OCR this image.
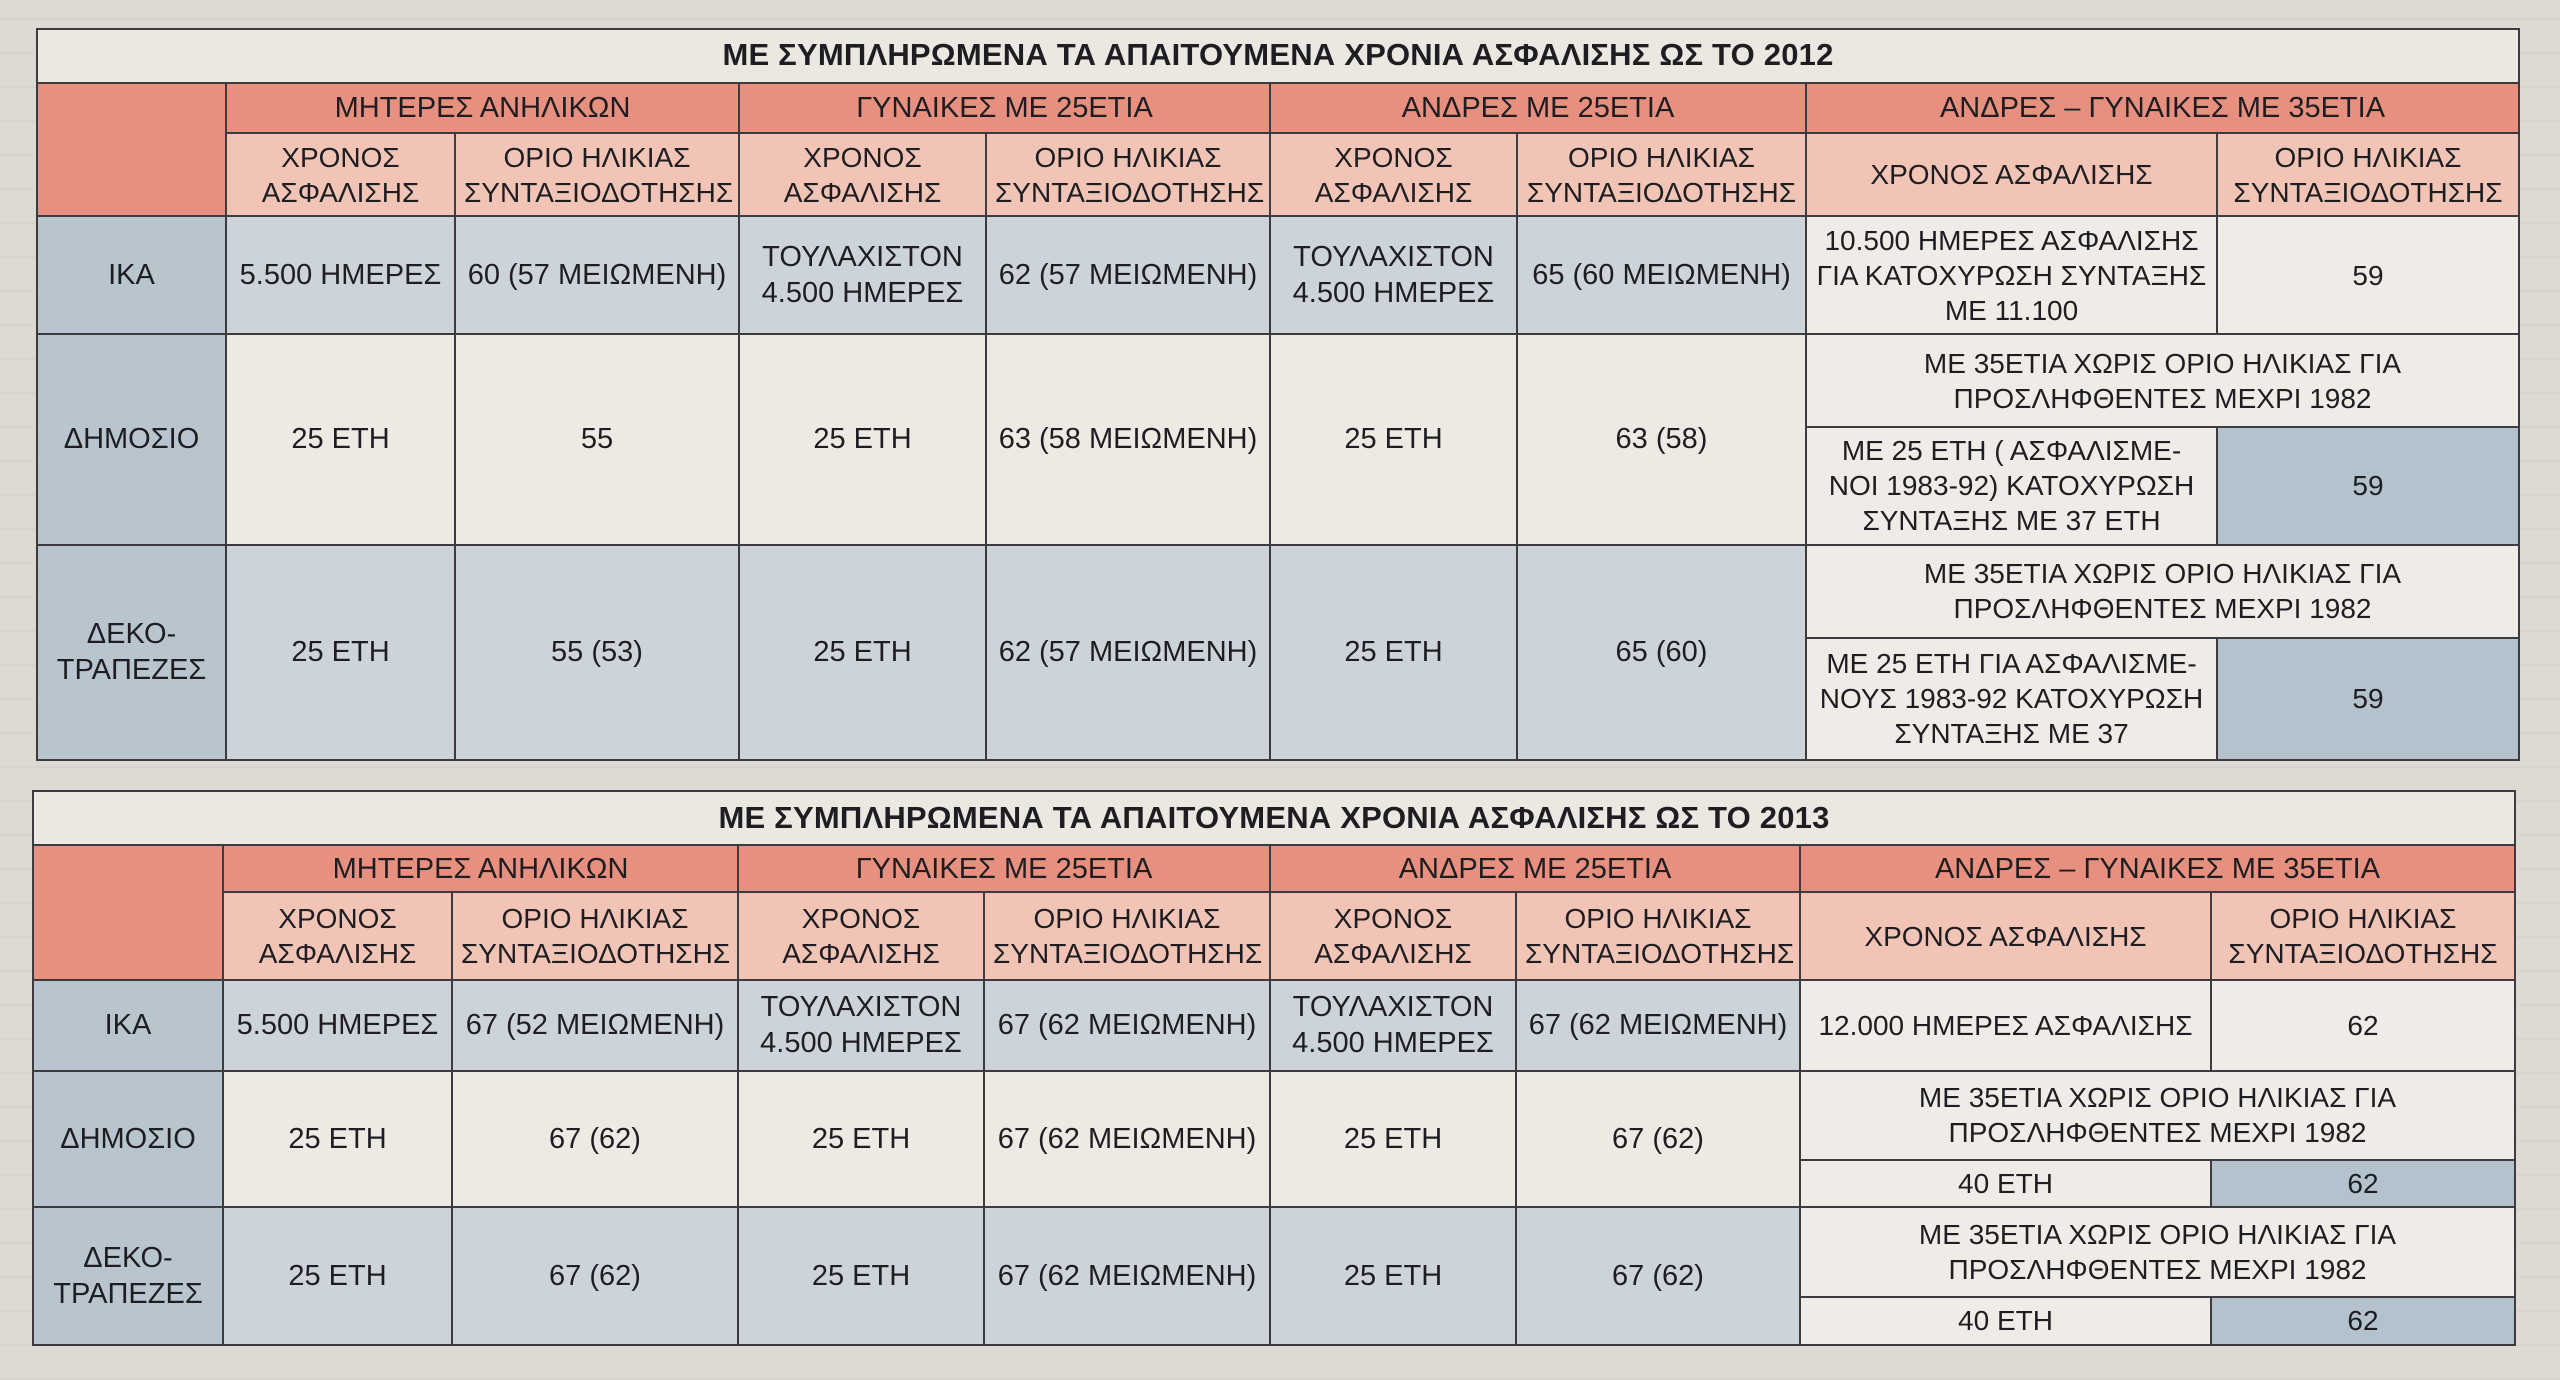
ΜΕ ΣΥΜΠΛΗΡΩΜΕΝΑ ΤΑ ΑΠΑΙΤΟΥΜΕΝΑ ΧΡΟΝΙΑ ΑΣΦΑΛΙΣΗΣ ΩΣ ΤΟ 2012								
	ΜΗΤΕΡΕΣ ΑΝΗΛΙΚΩΝ		ΓΥΝΑΙΚΕΣ ΜΕ 25ΕΤΙΑ		ΑΝΔΡΕΣ ΜΕ 25ΕΤΙΑ		ΑΝΔΡΕΣ – ΓΥΝΑΙΚΕΣ ΜΕ 35ΕΤΙΑ	
	ΧΡΟΝΟΣ ΑΣΦΑΛΙΣΗΣ	ΟΡΙΟ ΗΛΙΚΙΑΣ ΣΥΝΤΑΞΙΟΔΟΤΗΣΗΣ	ΧΡΟΝΟΣ ΑΣΦΑΛΙΣΗΣ	ΟΡΙΟ ΗΛΙΚΙΑΣ ΣΥΝΤΑΞΙΟΔΟΤΗΣΗΣ	ΧΡΟΝΟΣ ΑΣΦΑΛΙΣΗΣ	ΟΡΙΟ ΗΛΙΚΙΑΣ ΣΥΝΤΑΞΙΟΔΟΤΗΣΗΣ	ΧΡΟΝΟΣ ΑΣΦΑΛΙΣΗΣ	ΟΡΙΟ ΗΛΙΚΙΑΣ ΣΥΝΤΑΞΙΟΔΟΤΗΣΗΣ
ΙΚΑ	5.500 ΗΜΕΡΕΣ	60 (57 ΜΕΙΩΜΕΝΗ)	ΤΟΥΛΑΧΙΣΤΟΝ 4.500 ΗΜΕΡΕΣ	62 (57 ΜΕΙΩΜΕΝΗ)	ΤΟΥΛΑΧΙΣΤΟΝ 4.500 ΗΜΕΡΕΣ	65 (60 ΜΕΙΩΜΕΝΗ)	10.500 ΗΜΕΡΕΣ ΑΣΦΑΛΙΣΗΣ ΓΙΑ ΚΑΤΟΧΥΡΩΣΗ ΣΥΝΤΑΞΗΣ ΜΕ 11.100	59
ΔΗΜΟΣΙΟ	25 ΕΤΗ	55	25 ΕΤΗ	63 (58 ΜΕΙΩΜΕΝΗ)	25 ΕΤΗ	63 (58)	ΜΕ 35ΕΤΙΑ ΧΩΡΙΣ ΟΡΙΟ ΗΛΙΚΙΑΣ ΓΙΑ ΠΡΟΣΛΗΦΘΕΝΤΕΣ ΜΕΧΡΙ 1982	
							ΜΕ 25 ΕΤΗ ( ΑΣΦΑΛΙΣΜΕ- ΝΟΙ 1983-92) ΚΑΤΟΧΥΡΩΣΗ ΣΥΝΤΑΞΗΣ ΜΕ 37 ΕΤΗ	59
ΔΕΚΟ- ΤΡΑΠΕΖΕΣ	25 ΕΤΗ	55 (53)	25 ΕΤΗ	62 (57 ΜΕΙΩΜΕΝΗ)	25 ΕΤΗ	65 (60)	ΜΕ 35ΕΤΙΑ ΧΩΡΙΣ ΟΡΙΟ ΗΛΙΚΙΑΣ ΓΙΑ ΠΡΟΣΛΗΦΘΕΝΤΕΣ ΜΕΧΡΙ 1982	
							ΜΕ 25 ΕΤΗ ΓΙΑ ΑΣΦΑΛΙΣΜΕ- ΝΟΥΣ 1983-92 ΚΑΤΟΧΥΡΩΣΗ ΣΥΝΤΑΞΗΣ ΜΕ 37	59
ΜΕ ΣΥΜΠΛΗΡΩΜΕΝΑ ΤΑ ΑΠΑΙΤΟΥΜΕΝΑ ΧΡΟΝΙΑ ΑΣΦΑΛΙΣΗΣ ΩΣ ΤΟ 2013								
	ΜΗΤΕΡΕΣ ΑΝΗΛΙΚΩΝ		ΓΥΝΑΙΚΕΣ ΜΕ 25ΕΤΙΑ		ΑΝΔΡΕΣ ΜΕ 25ΕΤΙΑ		ΑΝΔΡΕΣ – ΓΥΝΑΙΚΕΣ ΜΕ 35ΕΤΙΑ	
	ΧΡΟΝΟΣ ΑΣΦΑΛΙΣΗΣ	ΟΡΙΟ ΗΛΙΚΙΑΣ ΣΥΝΤΑΞΙΟΔΟΤΗΣΗΣ	ΧΡΟΝΟΣ ΑΣΦΑΛΙΣΗΣ	ΟΡΙΟ ΗΛΙΚΙΑΣ ΣΥΝΤΑΞΙΟΔΟΤΗΣΗΣ	ΧΡΟΝΟΣ ΑΣΦΑΛΙΣΗΣ	ΟΡΙΟ ΗΛΙΚΙΑΣ ΣΥΝΤΑΞΙΟΔΟΤΗΣΗΣ	ΧΡΟΝΟΣ ΑΣΦΑΛΙΣΗΣ	ΟΡΙΟ ΗΛΙΚΙΑΣ ΣΥΝΤΑΞΙΟΔΟΤΗΣΗΣ
ΙΚΑ	5.500 ΗΜΕΡΕΣ	67 (52 ΜΕΙΩΜΕΝΗ)	ΤΟΥΛΑΧΙΣΤΟΝ 4.500 ΗΜΕΡΕΣ	67 (62 ΜΕΙΩΜΕΝΗ)	ΤΟΥΛΑΧΙΣΤΟΝ 4.500 ΗΜΕΡΕΣ	67 (62 ΜΕΙΩΜΕΝΗ)	12.000 ΗΜΕΡΕΣ ΑΣΦΑΛΙΣΗΣ	62
ΔΗΜΟΣΙΟ	25 ΕΤΗ	67 (62)	25 ΕΤΗ	67 (62 ΜΕΙΩΜΕΝΗ)	25 ΕΤΗ	67 (62)	ΜΕ 35ΕΤΙΑ ΧΩΡΙΣ ΟΡΙΟ ΗΛΙΚΙΑΣ ΓΙΑ ΠΡΟΣΛΗΦΘΕΝΤΕΣ ΜΕΧΡΙ 1982	
							40 ΕΤΗ	62
ΔΕΚΟ- ΤΡΑΠΕΖΕΣ	25 ΕΤΗ	67 (62)	25 ΕΤΗ	67 (62 ΜΕΙΩΜΕΝΗ)	25 ΕΤΗ	67 (62)	ΜΕ 35ΕΤΙΑ ΧΩΡΙΣ ΟΡΙΟ ΗΛΙΚΙΑΣ ΓΙΑ ΠΡΟΣΛΗΦΘΕΝΤΕΣ ΜΕΧΡΙ 1982	
							40 ΕΤΗ	62
